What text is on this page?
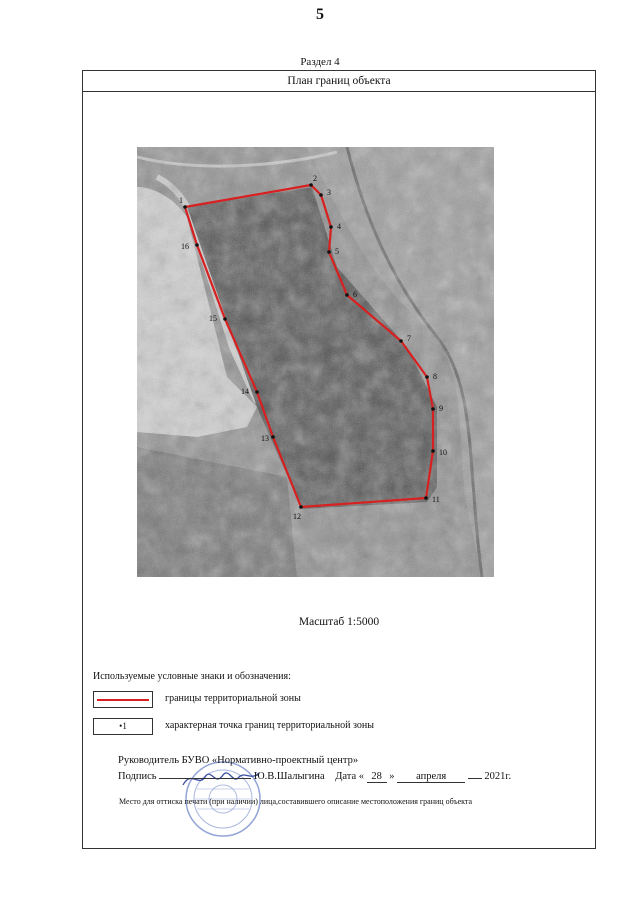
5
Раздел 4
План границ объекта
1
2
3
4
5
6
7
8
9
10
11
12
13
14
15
16
Масштаб 1:5000
Используемые условные знаки и обозначения:
границы территориальной зоны
•1	характерная точка границ территориальной зоны
Руководитель БУВО «Нормативно-проектный центр»
Подпись	Ю.В.Шалыгина Дата « 28 » апреля	2021г.
Место для оттиска печати (при наличии) лица,составившего описание местоположения границ объекта
